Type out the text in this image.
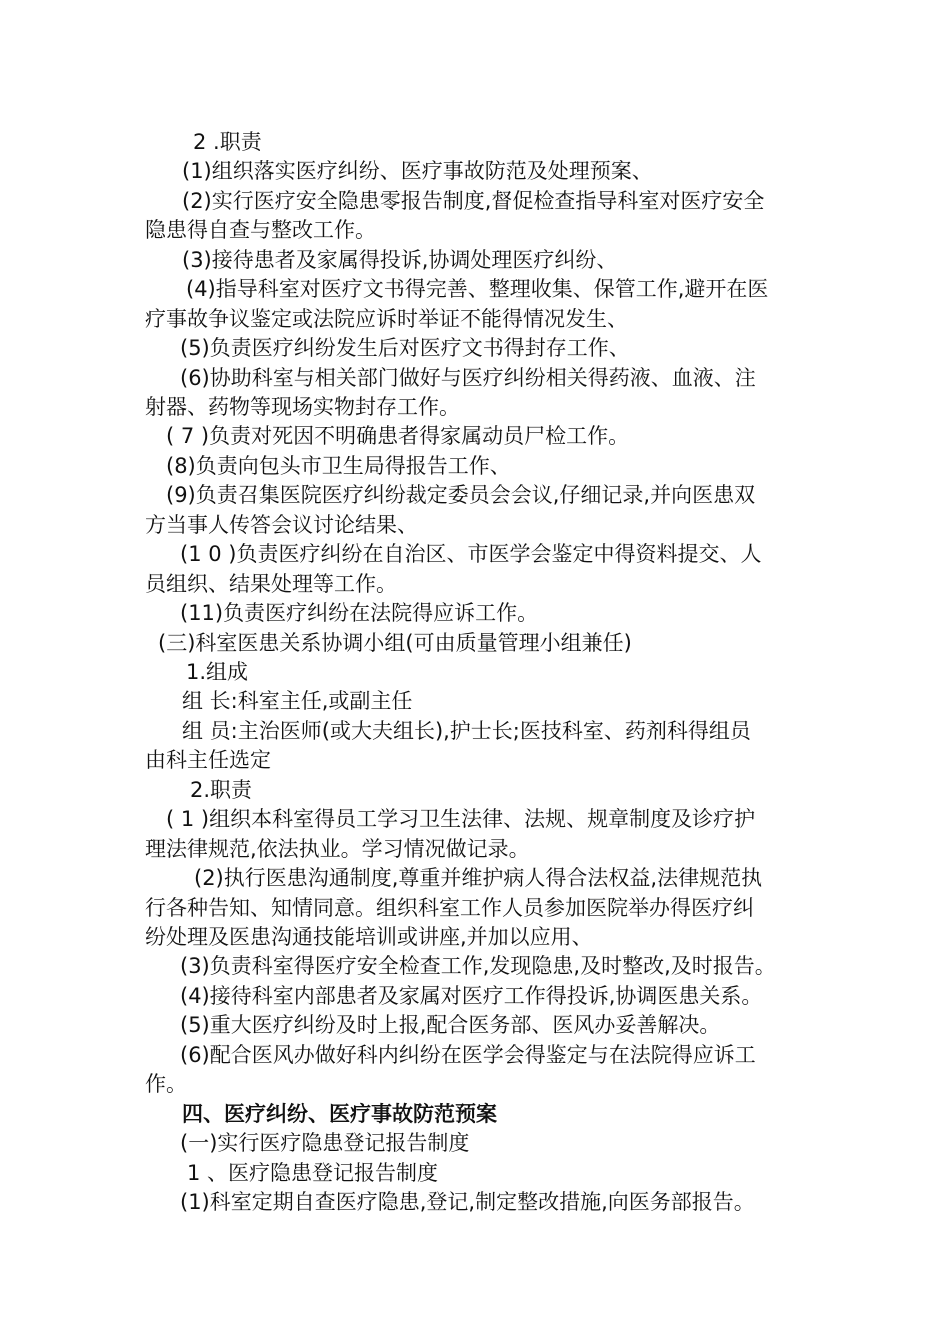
2 .职责
(1)组织落实医疗纠纷、医疗事故防范及处理预案、
(2)实行医疗安全隐患零报告制度,督促检查指导科室对医疗安全
隐患得自查与整改工作。
(3)接待患者及家属得投诉,协调处理医疗纠纷、
(4)指导科室对医疗文书得完善、整理收集、保管工作,避开在医
疗事故争议鉴定或法院应诉时举证不能得情况发生、
(5)负责医疗纠纷发生后对医疗文书得封存工作、
(6)协助科室与相关部门做好与医疗纠纷相关得药液、血液、注
射器、药物等现场实物封存工作。
( 7 )负责对死因不明确患者得家属动员尸检工作。
(8)负责向包头市卫生局得报告工作、
(9)负责召集医院医疗纠纷裁定委员会会议,仔细记录,并向医患双
方当事人传答会议讨论结果、
(1 0 )负责医疗纠纷在自治区、市医学会鉴定中得资料提交、人
员组织、结果处理等工作。
(11)负责医疗纠纷在法院得应诉工作。
(三)科室医患关系协调小组(可由质量管理小组兼任)
1.组成
组 长:科室主任,或副主任
组 员:主治医师(或大夫组长),护士长;医技科室、药剂科得组员
由科主任选定
2.职责
( 1 )组织本科室得员工学习卫生法律、法规、规章制度及诊疗护
理法律规范,依法执业。学习情况做记录。
(2)执行医患沟通制度,尊重并维护病人得合法权益,法律规范执
行各种告知、知情同意。组织科室工作人员参加医院举办得医疗纠
纷处理及医患沟通技能培训或讲座,并加以应用、
(3)负责科室得医疗安全检查工作,发现隐患,及时整改,及时报告。
(4)接待科室内部患者及家属对医疗工作得投诉,协调医患关系。
(5)重大医疗纠纷及时上报,配合医务部、医风办妥善解决。
(6)配合医风办做好科内纠纷在医学会得鉴定与在法院得应诉工
作。
四、医疗纠纷、医疗事故防范预案
(一)实行医疗隐患登记报告制度
1 、医疗隐患登记报告制度
(1)科室定期自查医疗隐患,登记,制定整改措施,向医务部报告。
